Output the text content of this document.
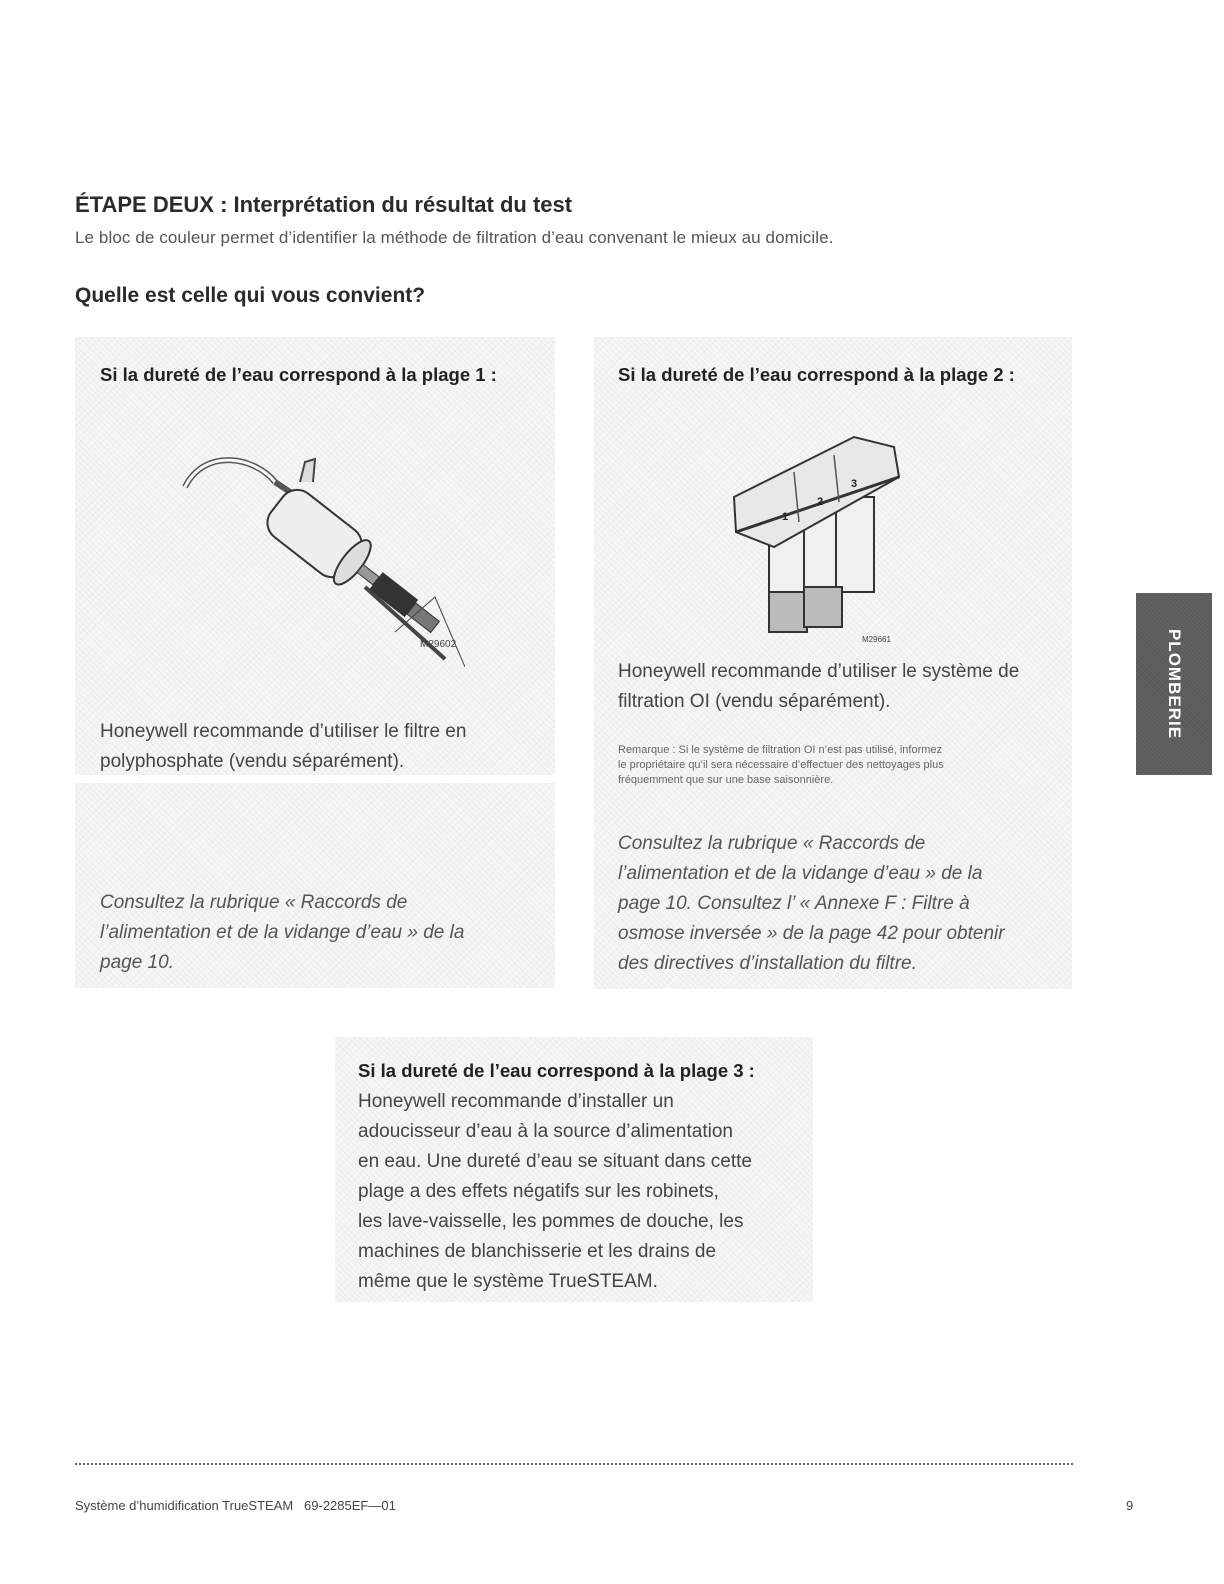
ÉTAPE DEUX : Interprétation du résultat du test
Le bloc de couleur permet d’identifier la méthode de filtration d’eau convenant le mieux au domicile.
Quelle est celle qui vous convient?
Si la dureté de l’eau correspond à la plage 1 :
M29602
Honeywell recommande d’utiliser le filtre en
polyphosphate (vendu séparément).
Consultez la rubrique « Raccords de
l’alimentation et de la vidange d’eau » de la
page 10.
Si la dureté de l’eau correspond à la plage 2 :
1
2
3
M29661
Honeywell recommande d’utiliser le système de
filtration OI (vendu séparément).
Remarque : Si le système de filtration OI n’est pas utilisé, informez
le propriétaire qu’il sera nécessaire d’effectuer des nettoyages plus
fréquemment que sur une base saisonnière.
Consultez la rubrique « Raccords de
l’alimentation et de la vidange d’eau » de la
page 10. Consultez l’ « Annexe F : Filtre à
osmose inversée » de la page 42 pour obtenir
des directives d’installation du filtre.
Si la dureté de l’eau correspond à la plage 3 :
Honeywell recommande d’installer un
adoucisseur d’eau à la source d’alimentation
en eau. Une dureté d’eau se situant dans cette
plage a des effets négatifs sur les robinets,
les lave-vaisselle, les pommes de douche, les
machines de blanchisserie et les drains de
même que le système TrueSTEAM.
PLOMBERIE
Système d’humidification TrueSTEAM   69-2285EF—01	9
